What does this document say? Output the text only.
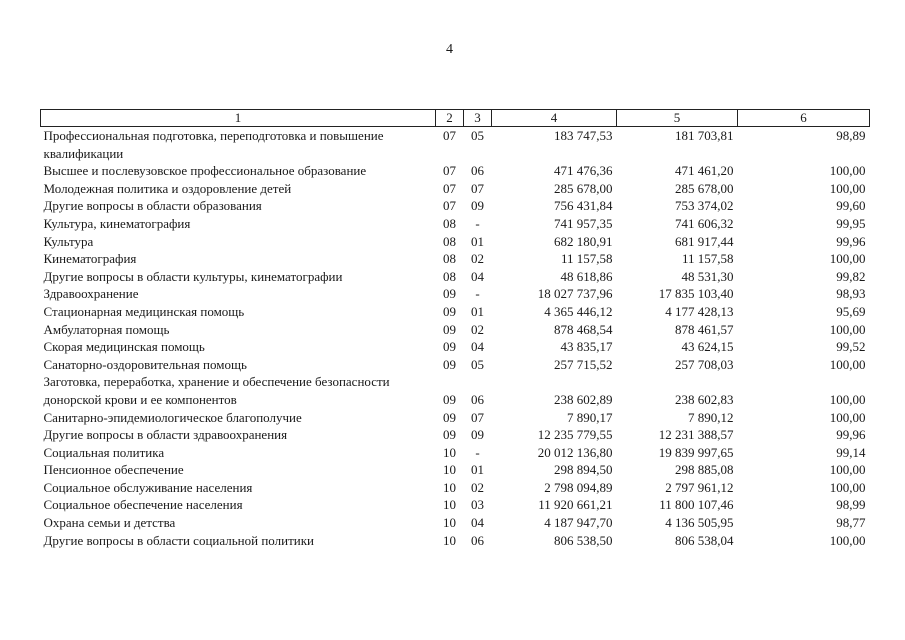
4
1	2	3	4	5	6
Профессиональная подготовка, переподготовка и повышение квалификации	07	05	183 747,53	181 703,81	98,89
Высшее и послевузовское профессиональное образование	07	06	471 476,36	471 461,20	100,00
Молодежная политика и оздоровление детей	07	07	285 678,00	285 678,00	100,00
Другие вопросы в области образования	07	09	756 431,84	753 374,02	99,60
Культура, кинематография	08	-	741 957,35	741 606,32	99,95
Культура	08	01	682 180,91	681 917,44	99,96
Кинематография	08	02	11 157,58	11 157,58	100,00
Другие вопросы в области культуры, кинематографии	08	04	48 618,86	48 531,30	99,82
Здравоохранение	09	-	18 027 737,96	17 835 103,40	98,93
Стационарная медицинская помощь	09	01	4 365 446,12	4 177 428,13	95,69
Амбулаторная помощь	09	02	878 468,54	878 461,57	100,00
Скорая медицинская помощь	09	04	43 835,17	43 624,15	99,52
Санаторно-оздоровительная помощь	09	05	257 715,52	257 708,03	100,00
Заготовка, переработка, хранение и обеспечение безопасности донорской крови и ее компонентов	09	06	238 602,89	238 602,83	100,00
Санитарно-эпидемиологическое благополучие	09	07	7 890,17	7 890,12	100,00
Другие вопросы в области здравоохранения	09	09	12 235 779,55	12 231 388,57	99,96
Социальная политика	10	-	20 012 136,80	19 839 997,65	99,14
Пенсионное обеспечение	10	01	298 894,50	298 885,08	100,00
Социальное обслуживание населения	10	02	2 798 094,89	2 797 961,12	100,00
Социальное обеспечение населения	10	03	11 920 661,21	11 800 107,46	98,99
Охрана семьи и детства	10	04	4 187 947,70	4 136 505,95	98,77
Другие вопросы в области социальной политики	10	06	806 538,50	806 538,04	100,00
